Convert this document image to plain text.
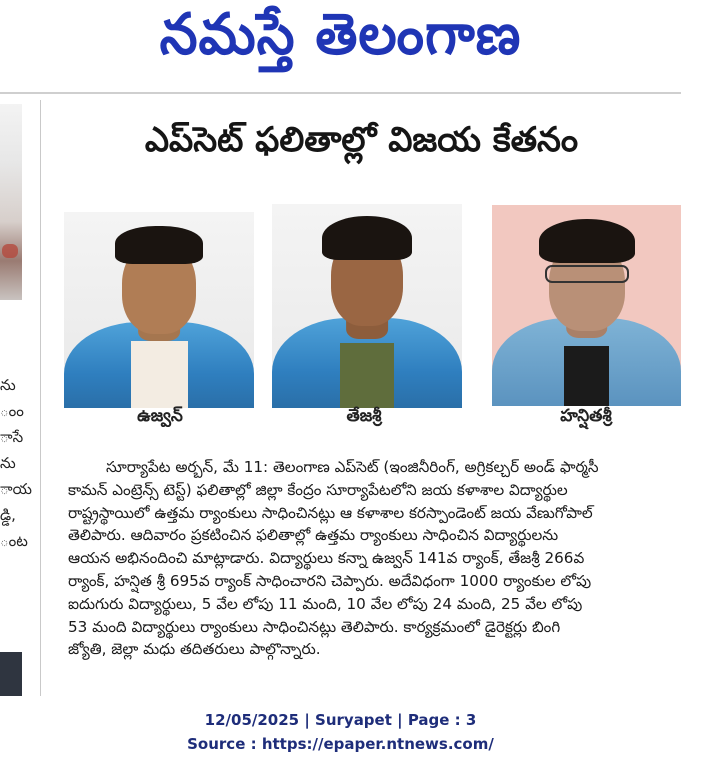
నమస్తే తెలంగాణ
ను
ంం
ాసే
ను
ాయ
డ్డి,
ంట
ఎప్‌సెట్ ఫలితాల్లో విజయ కేతనం
ఉజ్వన్	తేజశ్రీ	హన్షితశ్రీ
సూర్యాపేట అర్బన్, మే 11: తెలంగాణ ఎప్‌సెట్ (ఇంజినీరింగ్, అగ్రికల్చర్ అండ్ ఫార్మసీ
కామన్ ఎంట్రెన్స్ టెస్ట్) ఫలితాల్లో జిల్లా కేంద్రం సూర్యాపేటలోని జయ కళాశాల విద్యార్థుల
రాష్ట్రస్థాయిలో ఉత్తమ ర్యాంకులు సాధించినట్లు ఆ కళాశాల కరస్పాండెంట్ జయ వేణుగోపాల్
తెలిపారు. ఆదివారం ప్రకటించిన ఫలితాల్లో ఉత్తమ ర్యాంకులు సాధించిన విద్యార్థులను
ఆయన అభినందించి మాట్లాడారు. విద్యార్థులు కన్నా ఉజ్వన్ 141వ ర్యాంక్, తేజశ్రీ 266వ
ర్యాంక్, హన్షిత శ్రీ 695వ ర్యాంక్ సాధించారని చెప్పారు. అదేవిధంగా 1000 ర్యాంకుల లోపు
ఐదుగురు విద్యార్థులు, 5 వేల లోపు 11 మంది, 10 వేల లోపు 24 మంది, 25 వేల లోపు
53 మంది విద్యార్థులు ర్యాంకులు సాధించినట్లు తెలిపారు. కార్యక్రమంలో డైరెక్టర్లు బింగి
జ్యోతి, జెల్లా మధు తదితరులు పాల్గొన్నారు.
12/05/2025 | Suryapet | Page : 3
Source : https://epaper.ntnews.com/
